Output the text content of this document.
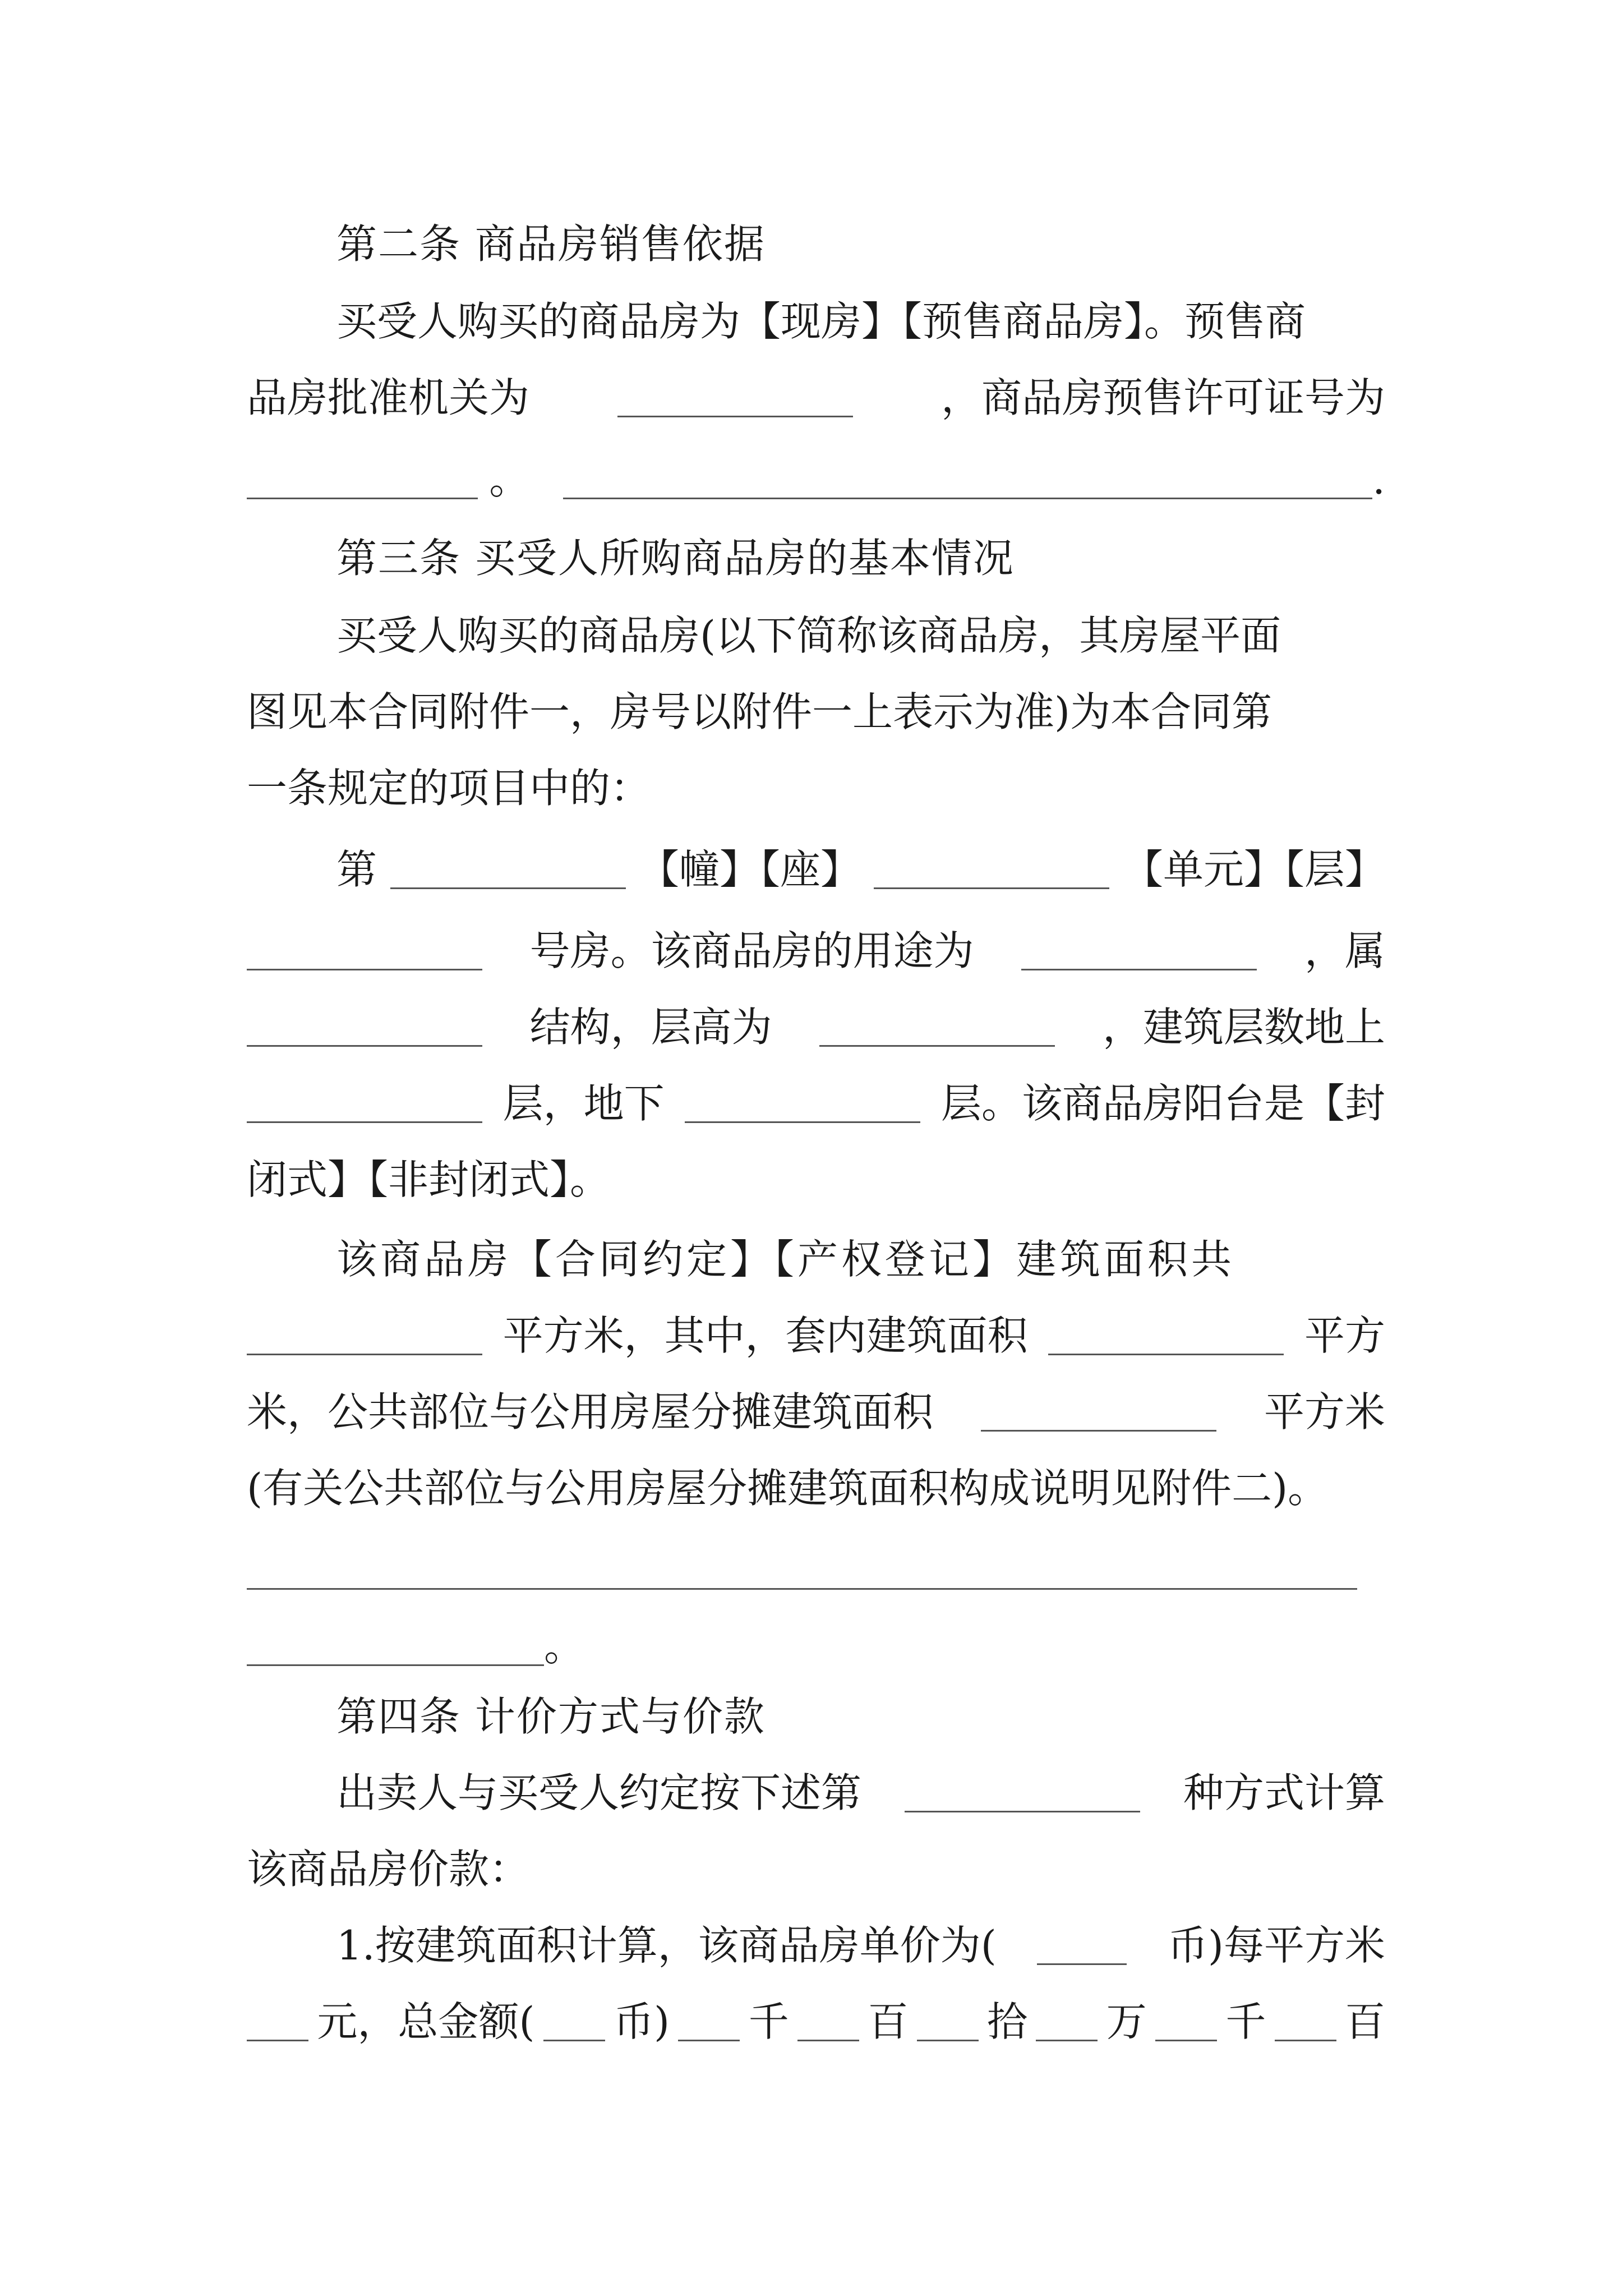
第二条 商品房销售依据
买受人购买的商品房为【现房】【预售商品房】。预售商
品房批准机关为	，商品房预售许可证号为
。	.
第三条 买受人所购商品房的基本情况
买受人购买的商品房(以下简称该商品房，其房屋平面
图见本合同附件一，房号以附件一上表示为准)为本合同第
一条规定的项目中的：
第	【幢】【座】	【单元】【层】
号房。该商品房的用途为	，属
结构，层高为	，建筑层数地上
层，地下	层。该商品房阳台是【封
闭式】【非封闭式】。
该商品房【合同约定】【产权登记】建筑面积共
平方米，其中，套内建筑面积	平方
米，公共部位与公用房屋分摊建筑面积	平方米
(有关公共部位与公用房屋分摊建筑面积构成说明见附件二)。
。
第四条 计价方式与价款
出卖人与买受人约定按下述第	种方式计算
该商品房价款：
1.按建筑面积计算，该商品房单价为(	币)每平方米
元，总金额( 币) 千 百 拾 万 千 百
